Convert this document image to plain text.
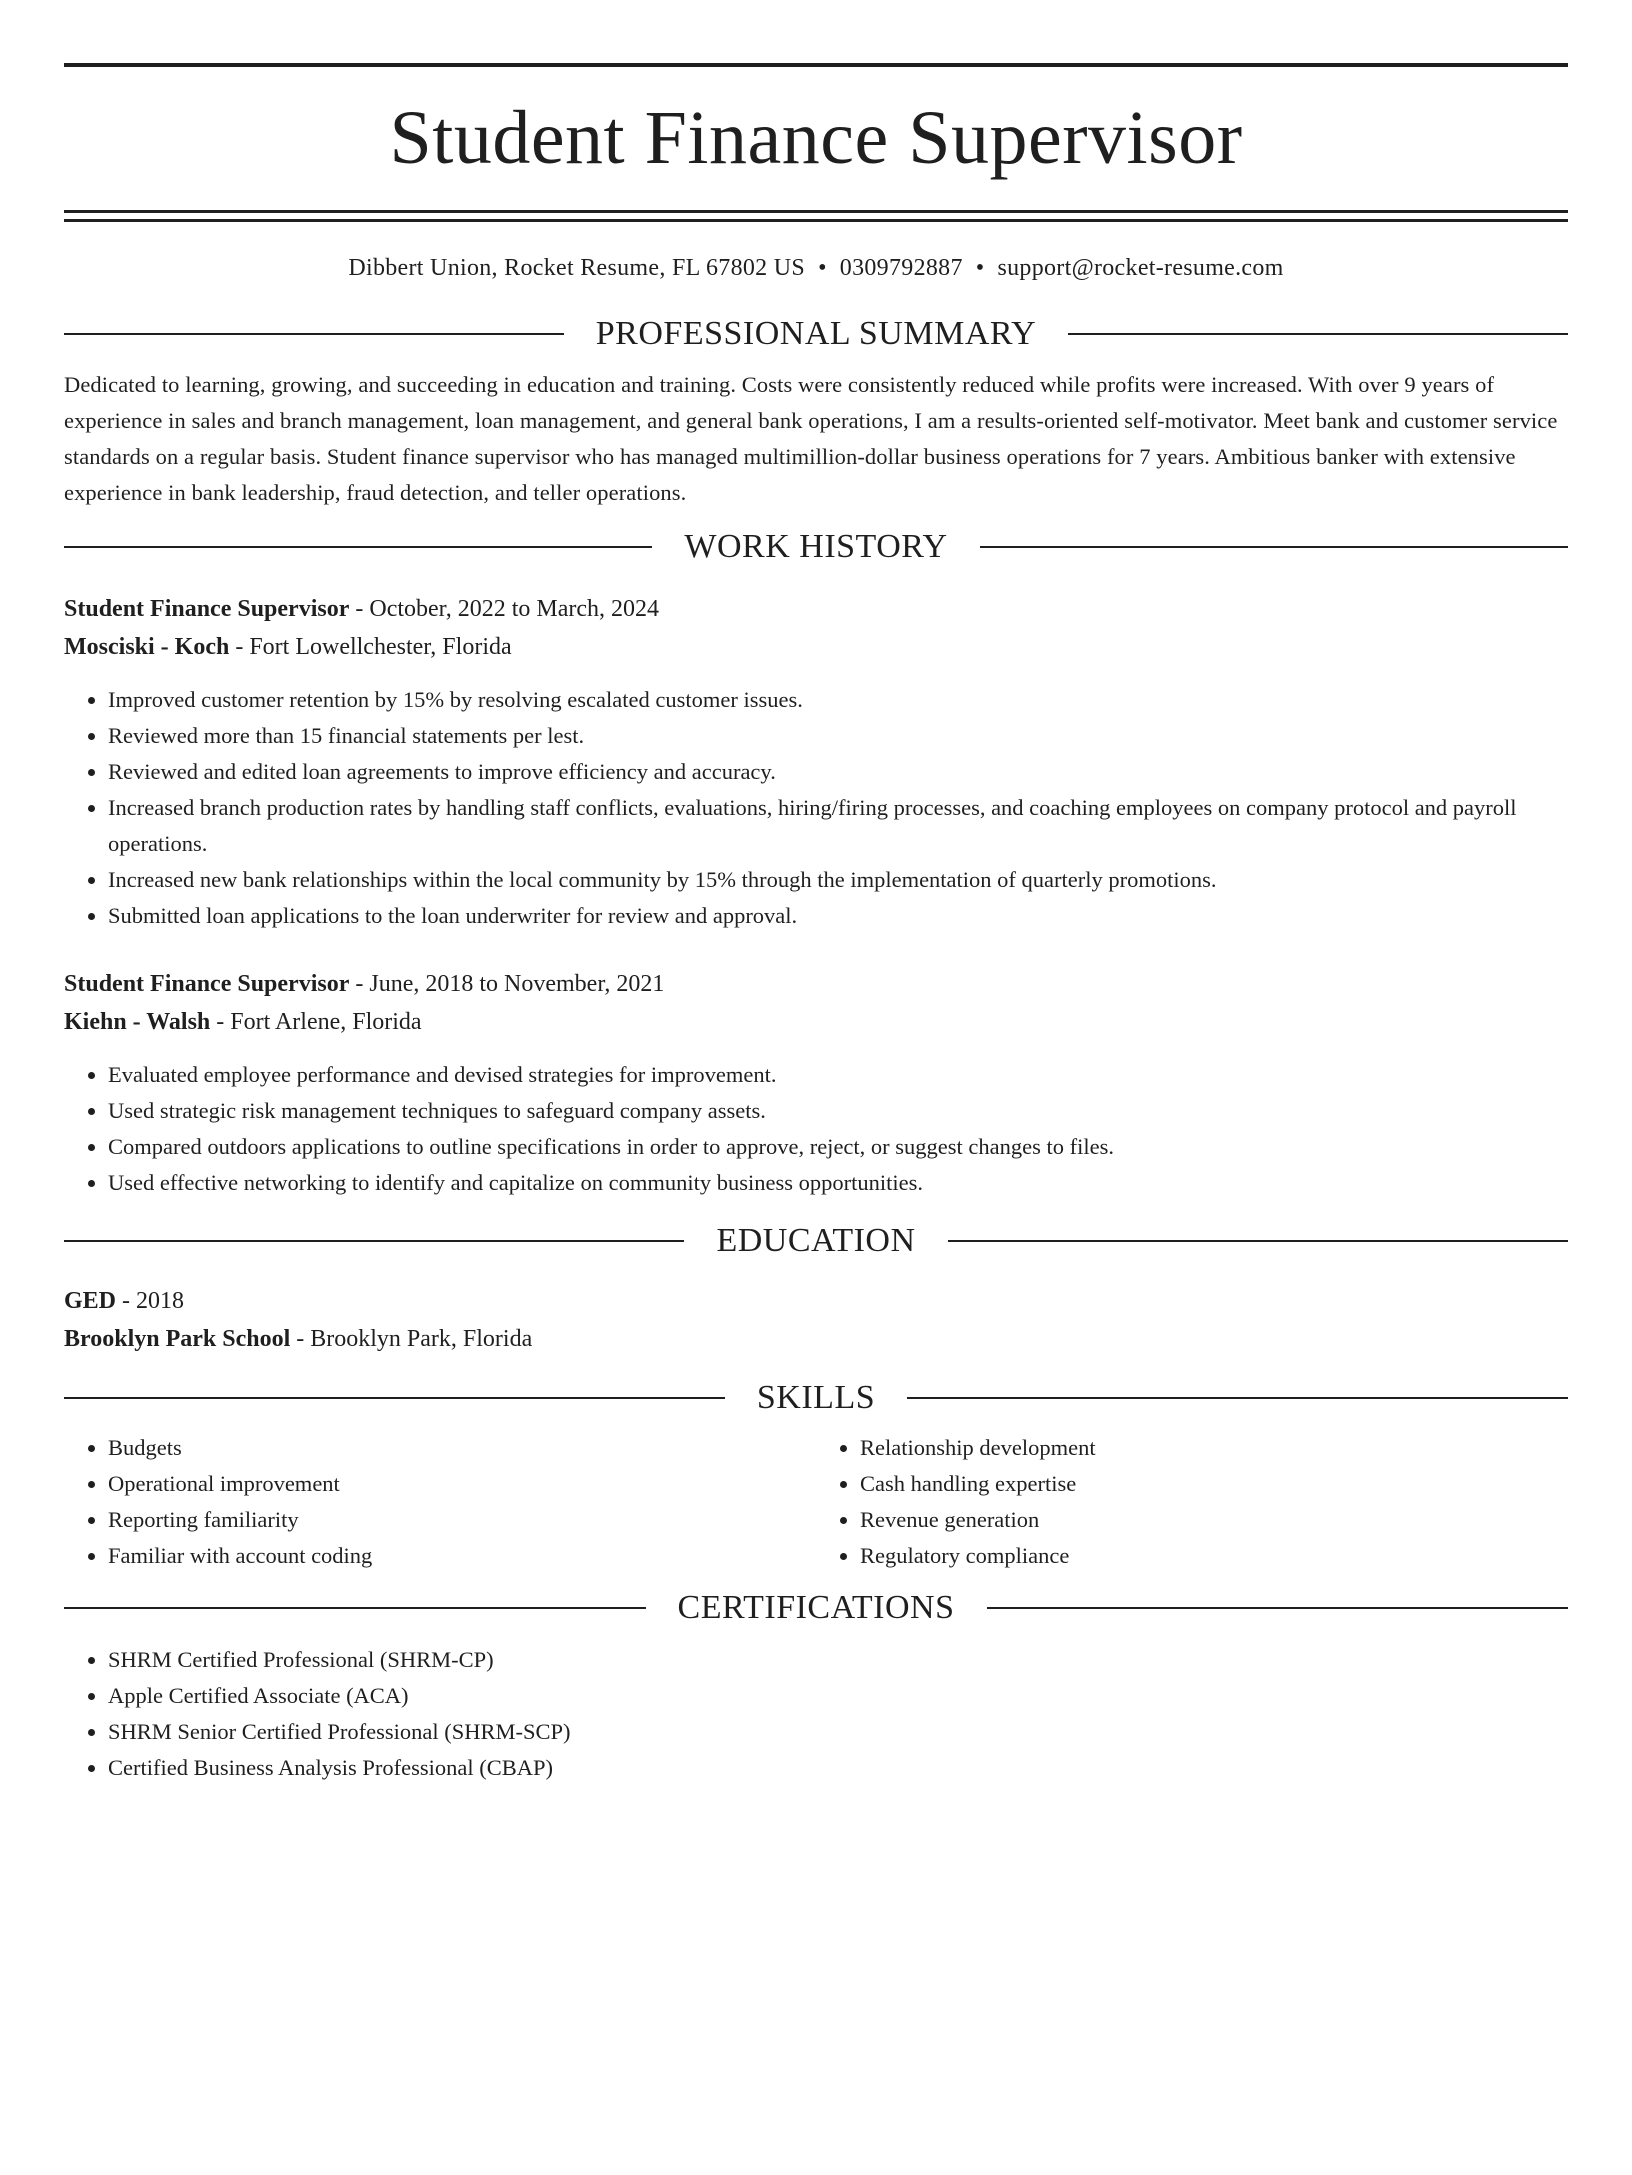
Student Finance Supervisor
Dibbert Union, Rocket Resume, FL 67802 US • 0309792887 • support@rocket-resume.com
PROFESSIONAL SUMMARY

Dedicated to learning, growing, and succeeding in education and training. Costs were consistently reduced while profits were increased. With over 9 years of experience in sales and branch management, loan management, and general bank operations, I am a results-oriented self-motivator. Meet bank and customer service standards on a regular basis. Student finance supervisor who has managed multimillion-dollar business operations for 7 years. Ambitious banker with extensive experience in bank leadership, fraud detection, and teller operations.

WORK HISTORY
Student Finance Supervisor - October, 2022 to March, 2024
Mosciski - Koch - Fort Lowellchester, Florida
• Improved customer retention by 15% by resolving escalated customer issues.
• Reviewed more than 15 financial statements per lest.
• Reviewed and edited loan agreements to improve efficiency and accuracy.
• Increased branch production rates by handling staff conflicts, evaluations, hiring/firing processes, and coaching employees on company protocol and payroll operations.
• Increased new bank relationships within the local community by 15% through the implementation of quarterly promotions.
• Submitted loan applications to the loan underwriter for review and approval.
Student Finance Supervisor - June, 2018 to November, 2021
Kiehn - Walsh - Fort Arlene, Florida
• Evaluated employee performance and devised strategies for improvement.
• Used strategic risk management techniques to safeguard company assets.
• Compared outdoors applications to outline specifications in order to approve, reject, or suggest changes to files.
• Used effective networking to identify and capitalize on community business opportunities.
EDUCATION
GED - 2018
Brooklyn Park School - Brooklyn Park, Florida
SKILLS
• Budgets
• Operational improvement
• Reporting familiarity
• Familiar with account coding
• Relationship development
• Cash handling expertise
• Revenue generation
• Regulatory compliance
CERTIFICATIONS
• SHRM Certified Professional (SHRM-CP)
• Apple Certified Associate (ACA)
• SHRM Senior Certified Professional (SHRM-SCP)
• Certified Business Analysis Professional (CBAP)
